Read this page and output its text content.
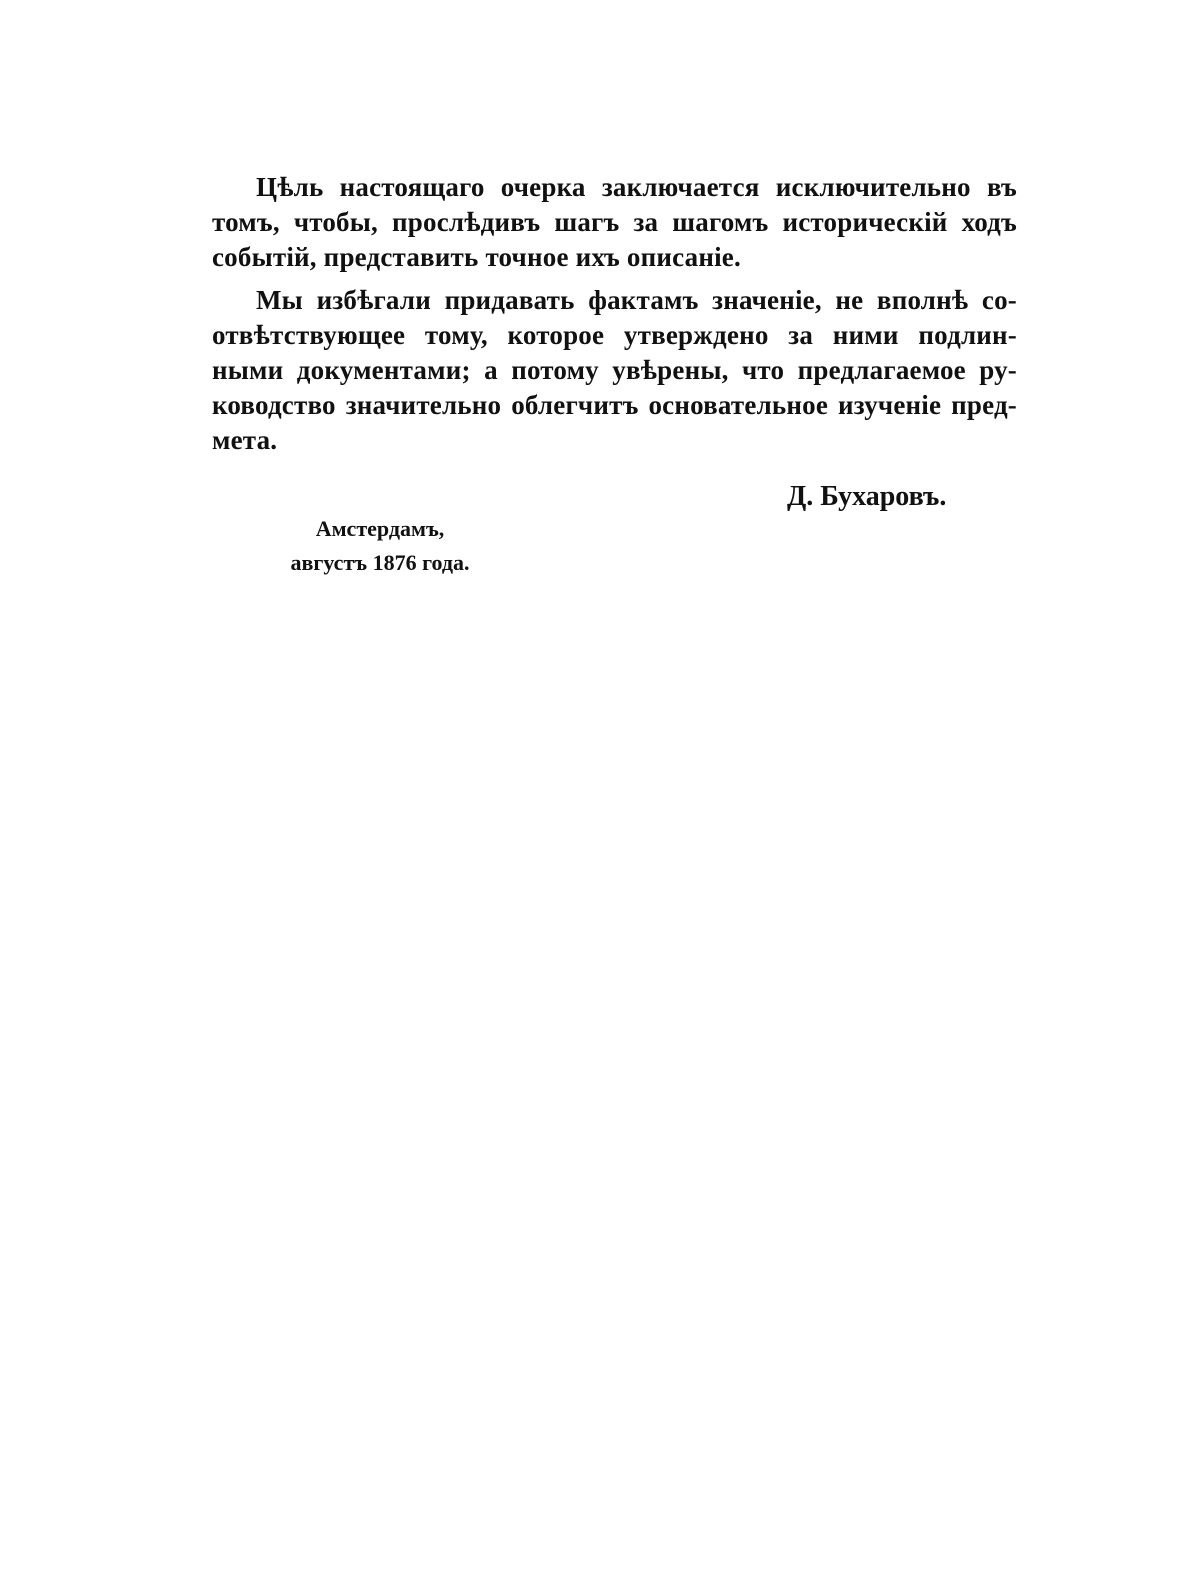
Цѣль настоящаго очерка заключается исключительно въ
томъ, чтобы, прослѣдивъ шагъ за шагомъ историческій ходъ
событій, представить точное ихъ описаніе.
Мы избѣгали придавать фактамъ значеніе, не вполнѣ со-
отвѣтствующее тому, которое утверждено за ними подлин-
ными документами; а потому увѣрены, что предлагаемое ру-
ководство значительно облегчитъ основательное изученіе пред-
мета.
Д. Бухаровъ.
Амстердамъ,
августъ 1876 года.
